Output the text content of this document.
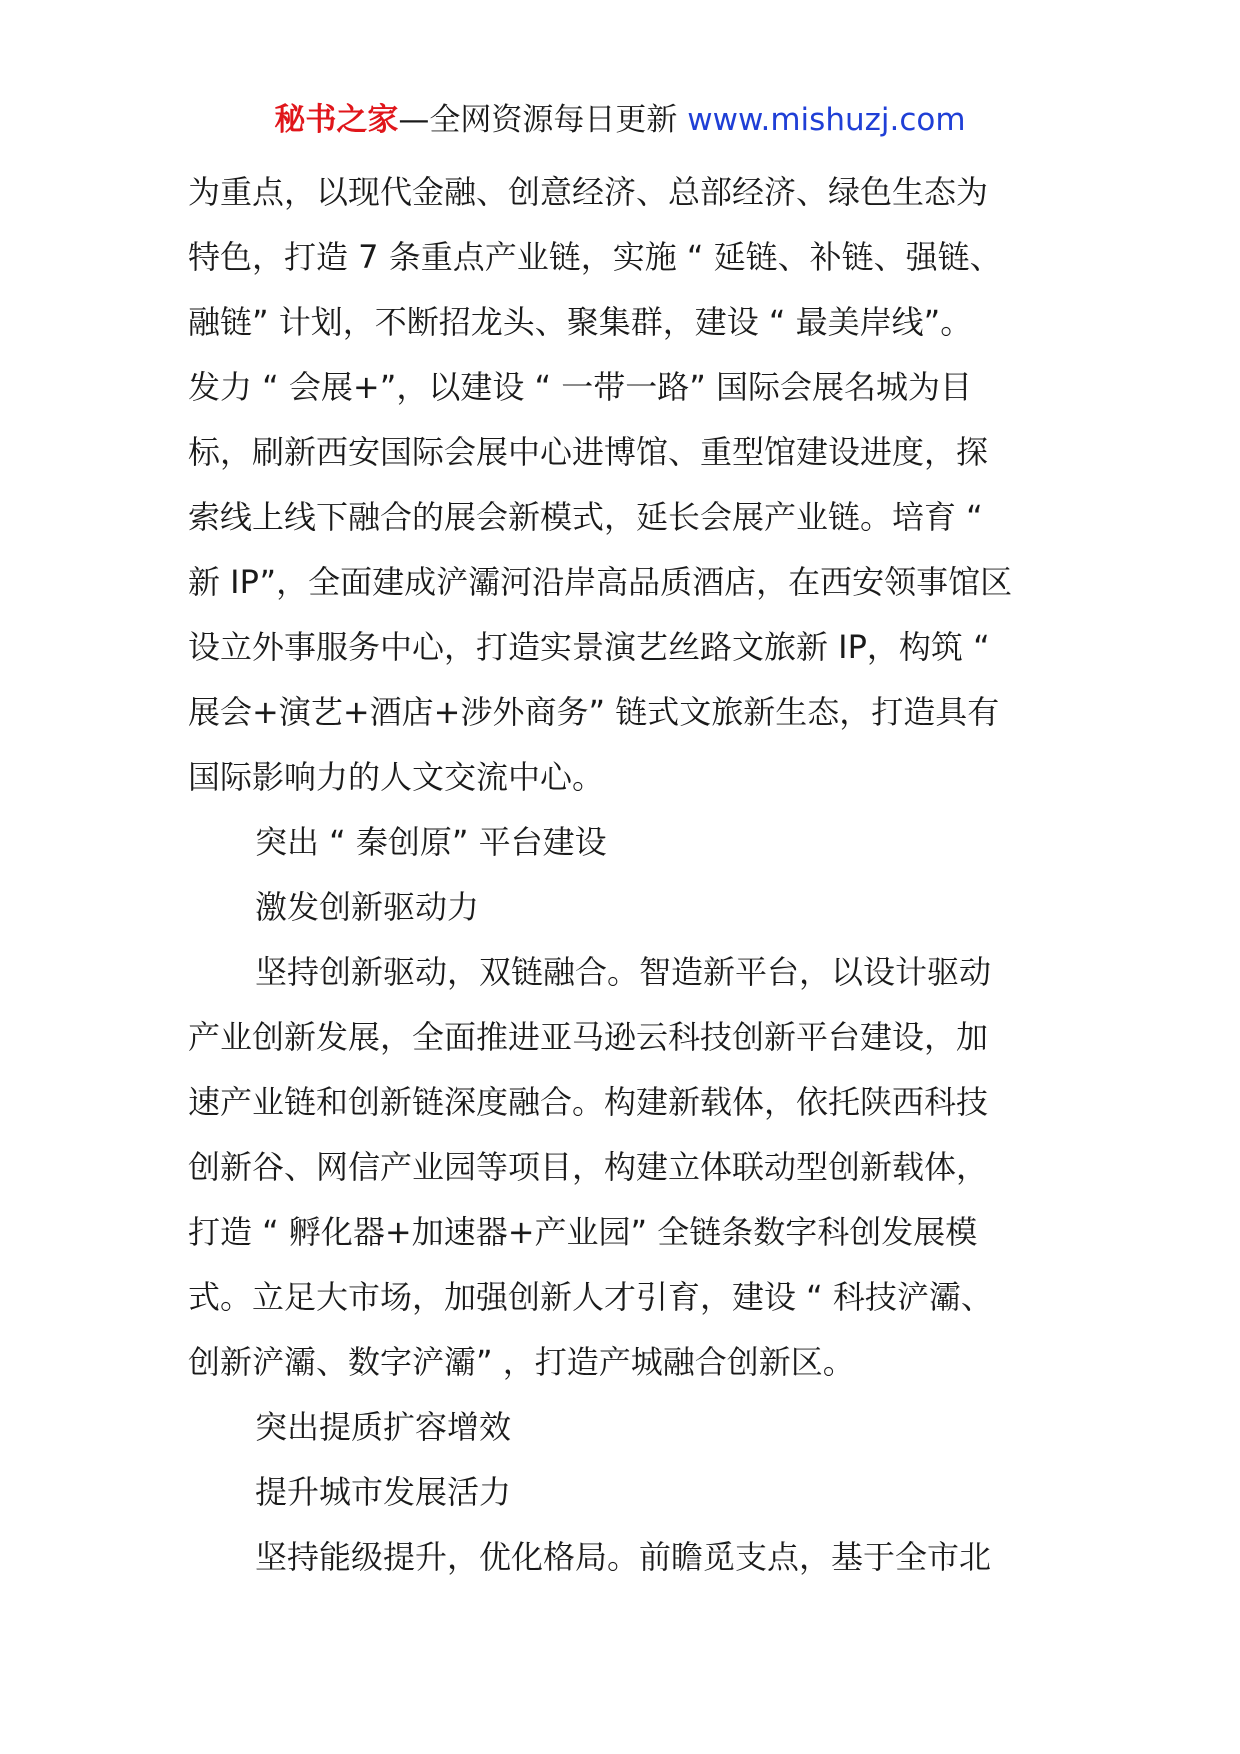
秘书之家—全网资源每日更新 www.mishuzj.com
为重点，以现代金融、创意经济、总部经济、绿色生态为
特色，打造 7 条重点产业链，实施 “ 延链、补链、强链、
融链” 计划，不断招龙头、聚集群，建设 “ 最美岸线”。
发力 “ 会展+”，以建设 “ 一带一路” 国际会展名城为目
标，刷新西安国际会展中心进博馆、重型馆建设进度，探
索线上线下融合的展会新模式，延长会展产业链。培育 “
新 IP”，全面建成浐灞河沿岸高品质酒店，在西安领事馆区
设立外事服务中心，打造实景演艺丝路文旅新 IP，构筑 “
展会+演艺+酒店+涉外商务” 链式文旅新生态，打造具有
国际影响力的人文交流中心。
突出 “ 秦创原” 平台建设
激发创新驱动力
坚持创新驱动，双链融合。智造新平台，以设计驱动
产业创新发展，全面推进亚马逊云科技创新平台建设，加
速产业链和创新链深度融合。构建新载体，依托陕西科技
创新谷、网信产业园等项目，构建立体联动型创新载体，
打造 “ 孵化器+加速器+产业园” 全链条数字科创发展模
式。立足大市场，加强创新人才引育，建设 “ 科技浐灞、
创新浐灞、数字浐灞” ，打造产城融合创新区。
突出提质扩容增效
提升城市发展活力
坚持能级提升，优化格局。前瞻觅支点，基于全市北
